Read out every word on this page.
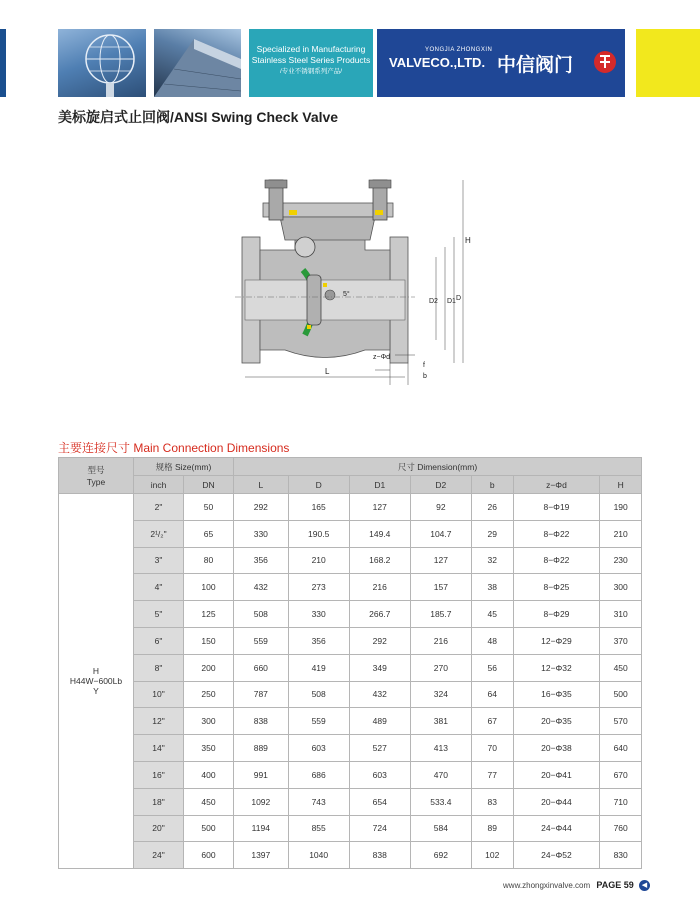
Specialized in Manufacturing
Stainless Steel Series Products
/专业不锈钢系列产品/
YONGJIA ZHONGXIN
VALVECO.,LTD. 中信阀门
美标旋启式止回阀/ANSI Swing Check Valve
H
D
D1
D2
5°
z−Φd
f
b
L
主要连接尺寸 Main Connection Dimensions
型号
Type	规格 Size(mm)		尺寸 Dimension(mm)						
	inch	DN	L	D	D1	D2	b	z−Φd	H
H
H44W−600Lb
Y	2"	50	292	165	127	92	26	8−Φ19	190
	2¹/₂"	65	330	190.5	149.4	104.7	29	8−Φ22	210
	3"	80	356	210	168.2	127	32	8−Φ22	230
	4"	100	432	273	216	157	38	8−Φ25	300
	5"	125	508	330	266.7	185.7	45	8−Φ29	310
	6"	150	559	356	292	216	48	12−Φ29	370
	8"	200	660	419	349	270	56	12−Φ32	450
	10"	250	787	508	432	324	64	16−Φ35	500
	12"	300	838	559	489	381	67	20−Φ35	570
	14"	350	889	603	527	413	70	20−Φ38	640
	16"	400	991	686	603	470	77	20−Φ41	670
	18"	450	1092	743	654	533.4	83	20−Φ44	710
	20"	500	1194	855	724	584	89	24−Φ44	760
	24"	600	1397	1040	838	692	102	24−Φ52	830
www.zhongxinvalve.com PAGE 59 ◀
